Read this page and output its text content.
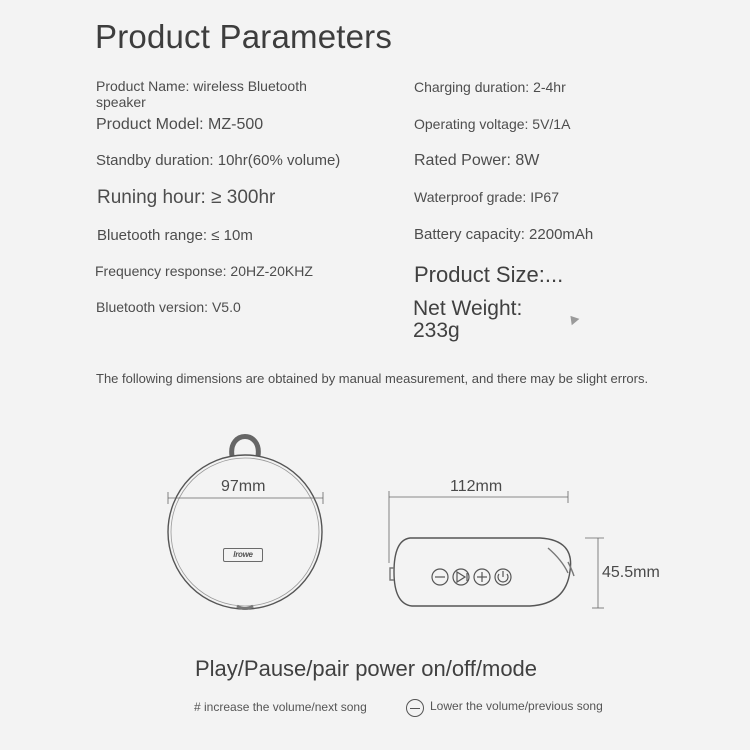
Product Parameters
Product Name: wireless Bluetooth speaker
Product Model: MZ-500
Standby duration: 10hr(60% volume)
Runing hour: ≥ 300hr
Bluetooth range: ≤ 10m
Frequency response: 20HZ-20KHZ
Bluetooth version: V5.0
Charging duration: 2-4hr
Operating voltage: 5V/1A
Rated Power: 8W
Waterproof grade: IP67
Battery capacity: 2200mAh
Product Size:...
Net Weight: 233g
The following dimensions are obtained by manual measurement, and there may be slight errors.
lrowe
97mm	112mm
45.5mm
Play/Pause/pair power on/off/mode
# increase the volume/next song	Lower the volume/previous song
